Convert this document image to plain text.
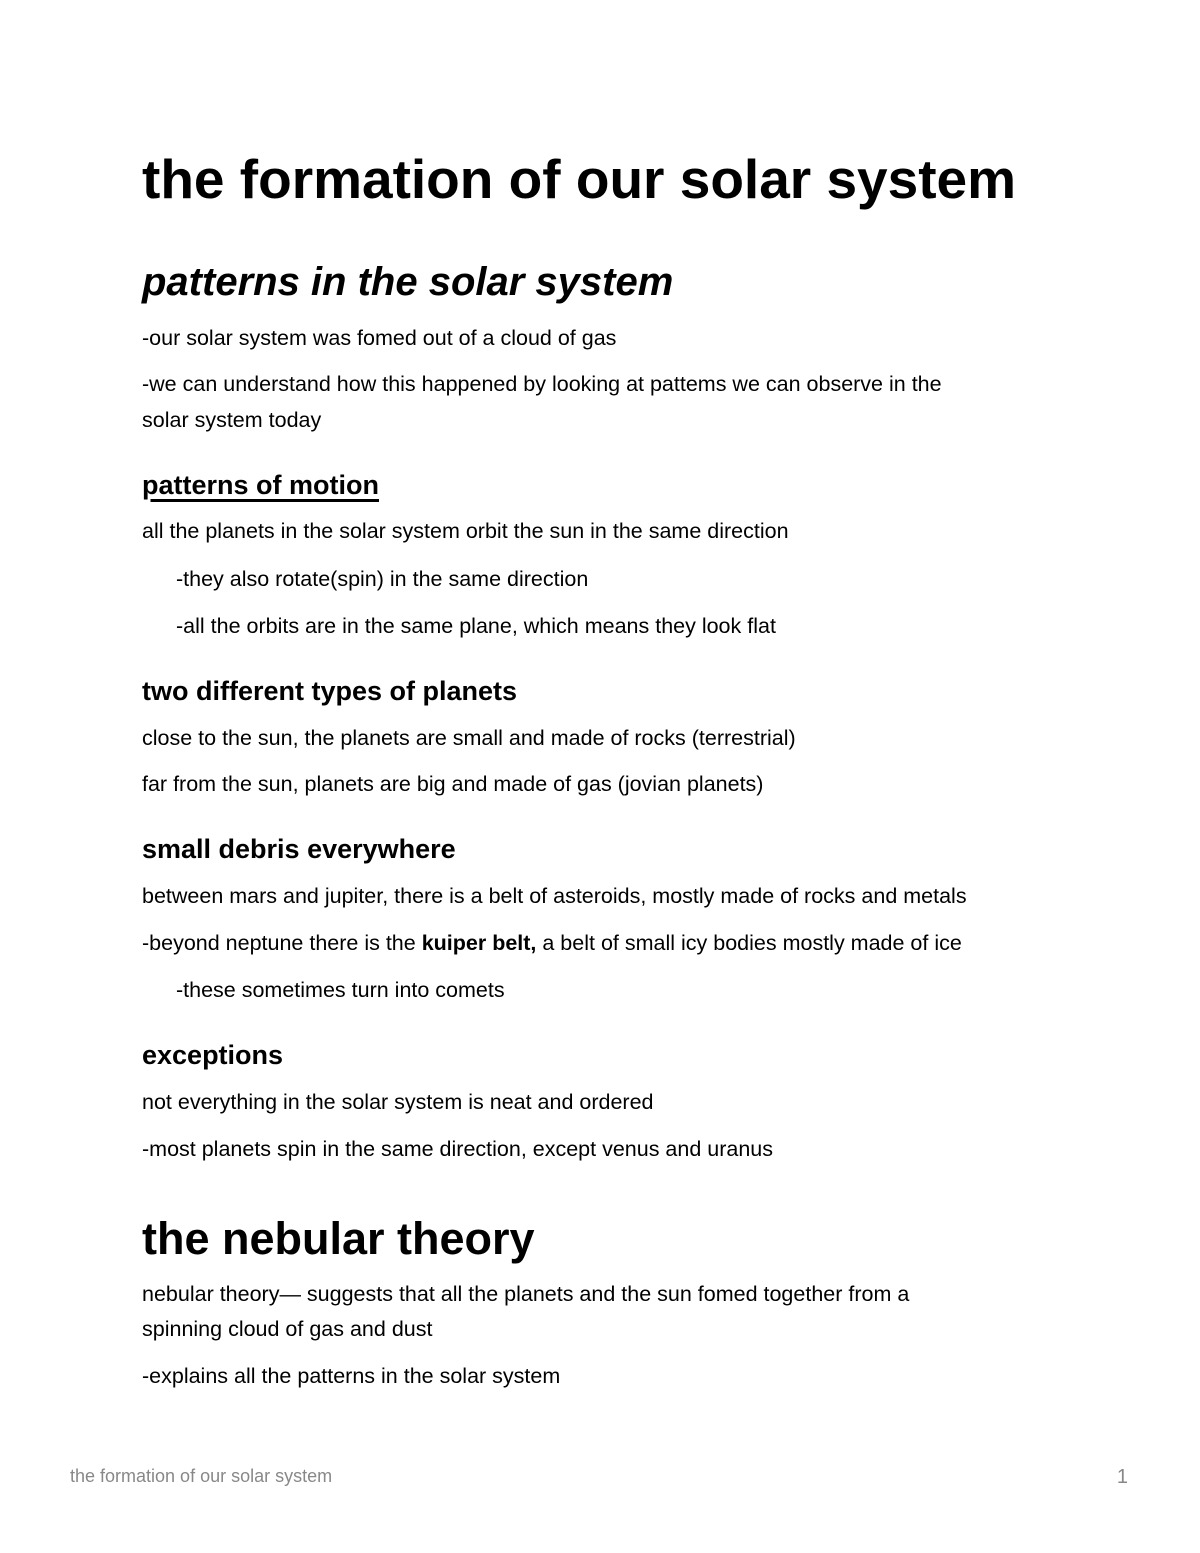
the formation of our solar system
patterns in the solar system
-our solar system was fomed out of a cloud of gas
-we can understand how this happened by looking at pattems we can observe in the
solar system today
patterns of motion
all the planets in the solar system orbit the sun in the same direction
-they also rotate(spin) in the same direction
-all the orbits are in the same plane, which means they look flat
two different types of planets
close to the sun, the planets are small and made of rocks (terrestrial)
far from the sun, planets are big and made of gas (jovian planets)
small debris everywhere
between mars and jupiter, there is a belt of asteroids, mostly made of rocks and metals
-beyond neptune there is the kuiper belt, a belt of small icy bodies mostly made of ice
-these sometimes turn into comets
exceptions
not everything in the solar system is neat and ordered
-most planets spin in the same direction, except venus and uranus
the nebular theory
nebular theory— suggests that all the planets and the sun fomed together from a
spinning cloud of gas and dust
-explains all the patterns in the solar system
the formation of our solar system	1
